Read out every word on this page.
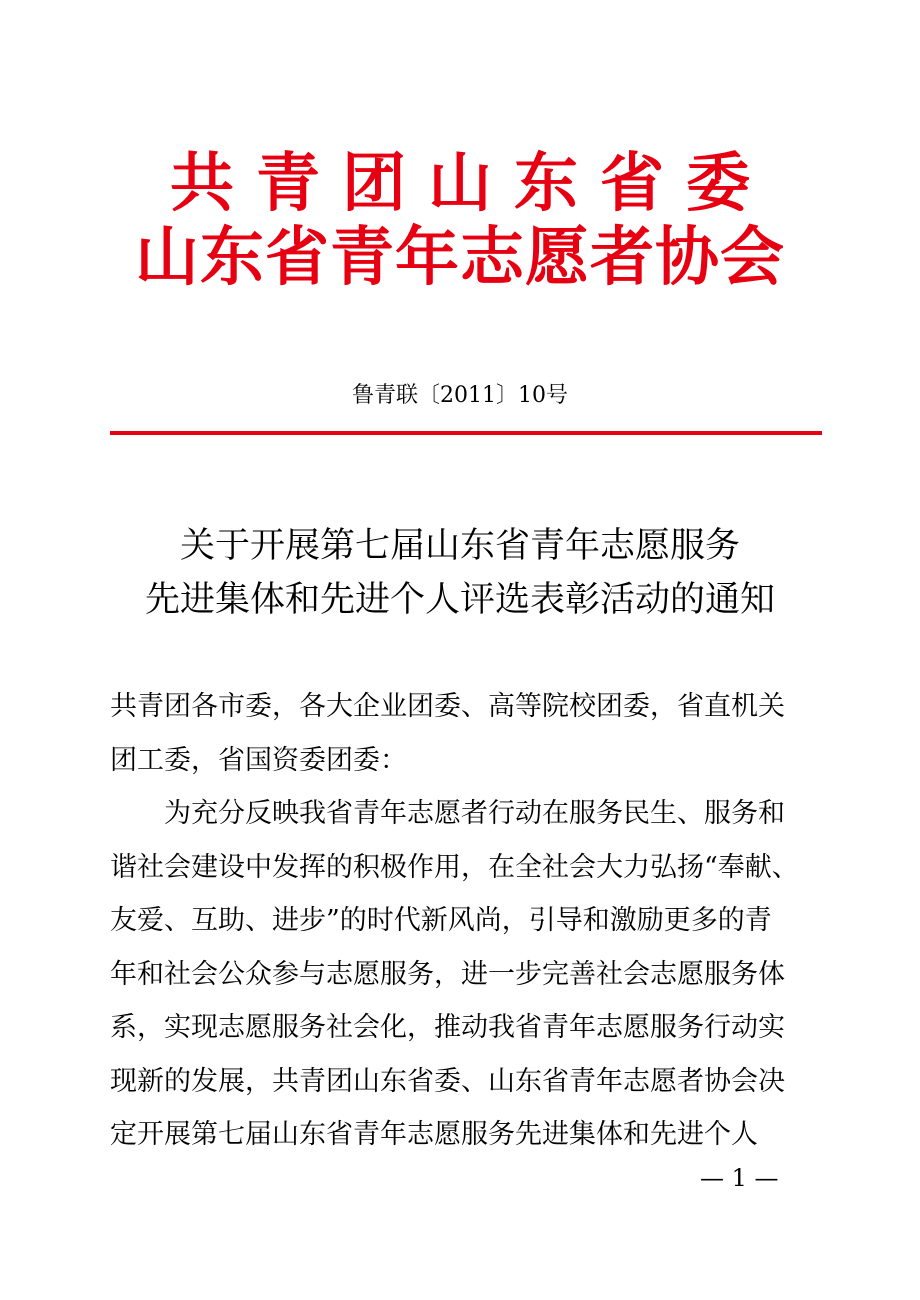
共青团山东省委
山东省青年志愿者协会
鲁青联〔2011〕10号
关于开展第七届山东省青年志愿服务
先进集体和先进个人评选表彰活动的通知
共青团各市委，各大企业团委、高等院校团委，省直机关
团工委，省国资委团委：
为充分反映我省青年志愿者行动在服务民生、服务和
谐社会建设中发挥的积极作用，在全社会大力弘扬“奉献、
友爱、互助、进步”的时代新风尚，引导和激励更多的青
年和社会公众参与志愿服务，进一步完善社会志愿服务体
系，实现志愿服务社会化，推动我省青年志愿服务行动实
现新的发展，共青团山东省委、山东省青年志愿者协会决
定开展第七届山东省青年志愿服务先进集体和先进个人
— 1 —
